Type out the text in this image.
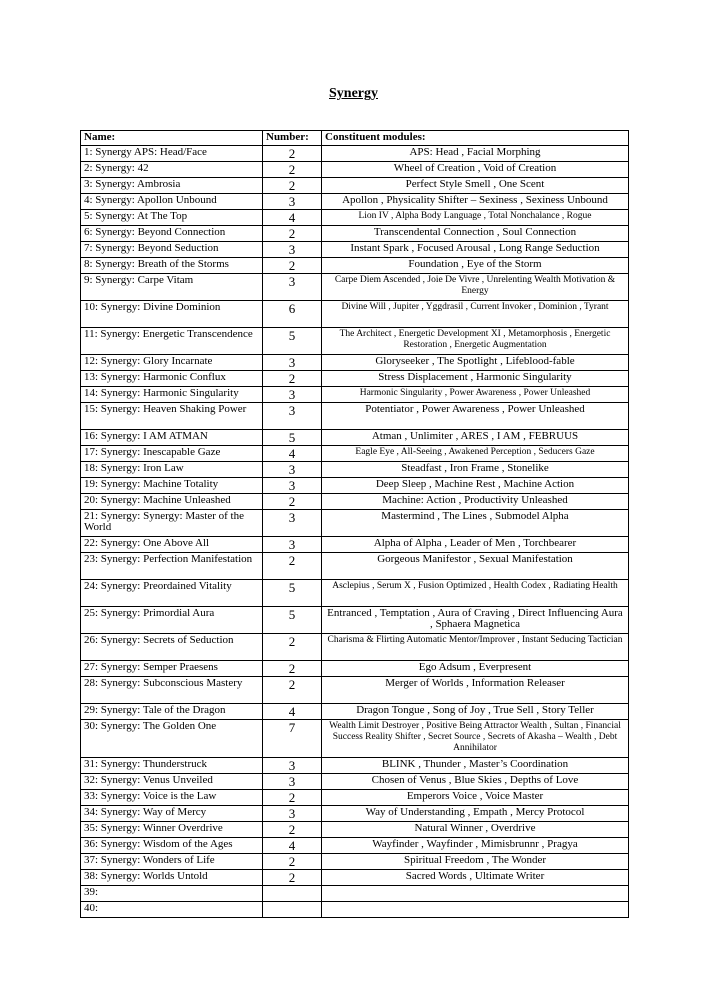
Synergy
Name:	Number:	Constituent modules:
1: Synergy APS: Head/Face	2	APS: Head , Facial Morphing
2: Synergy: 42	2	Wheel of Creation , Void of Creation
3: Synergy: Ambrosia	2	Perfect Style Smell , One Scent
4: Synergy: Apollon Unbound	3	Apollon , Physicality Shifter – Sexiness , Sexiness Unbound
5: Synergy: At The Top	4	Lion IV , Alpha Body Language , Total Nonchalance , Rogue
6: Synergy: Beyond Connection	2	Transcendental Connection , Soul Connection
7: Synergy: Beyond Seduction	3	Instant Spark , Focused Arousal , Long Range Seduction
8: Synergy: Breath of the Storms	2	Foundation , Eye of the Storm
9: Synergy: Carpe Vitam	3	Carpe Diem Ascended , Joie De Vivre , Unrelenting Wealth Motivation & Energy
10: Synergy: Divine Dominion	6	Divine Will , Jupiter , Yggdrasil , Current Invoker , Dominion , Tyrant
11: Synergy: Energetic Transcendence	5	The Architect , Energetic Development XI , Metamorphosis , Energetic Restoration , Energetic Augmentation
12: Synergy: Glory Incarnate	3	Gloryseeker , The Spotlight , Lifeblood-fable
13: Synergy: Harmonic Conflux	2	Stress Displacement , Harmonic Singularity
14: Synergy: Harmonic Singularity	3	Harmonic Singularity , Power Awareness , Power Unleashed
15: Synergy: Heaven Shaking Power	3	Potentiator , Power Awareness , Power Unleashed
16: Synergy: I AM ATMAN	5	Atman , Unlimiter , ARES , I AM , FEBRUUS
17: Synergy: Inescapable Gaze	4	Eagle Eye , All-Seeing , Awakened Perception , Seducers Gaze
18: Synergy: Iron Law	3	Steadfast , Iron Frame , Stonelike
19: Synergy: Machine Totality	3	Deep Sleep , Machine Rest , Machine Action
20: Synergy: Machine Unleashed	2	Machine: Action , Productivity Unleashed
21: Synergy: Synergy: Master of the World	3	Mastermind , The Lines , Submodel Alpha
22: Synergy: One Above All	3	Alpha of Alpha , Leader of Men , Torchbearer
23: Synergy: Perfection Manifestation	2	Gorgeous Manifestor , Sexual Manifestation
24: Synergy: Preordained Vitality	5	Asclepius , Serum X , Fusion Optimized , Health Codex , Radiating Health
25: Synergy: Primordial Aura	5	Entranced , Temptation , Aura of Craving , Direct Influencing Aura , Sphaera Magnetica
26: Synergy: Secrets of Seduction	2	Charisma & Flirting Automatic Mentor/Improver , Instant Seducing Tactician
27: Synergy: Semper Praesens	2	Ego Adsum , Everpresent
28: Synergy: Subconscious Mastery	2	Merger of Worlds , Information Releaser
29: Synergy: Tale of the Dragon	4	Dragon Tongue , Song of Joy , True Sell , Story Teller
30: Synergy: The Golden One	7	Wealth Limit Destroyer , Positive Being Attractor Wealth , Sultan , Financial Success Reality Shifter , Secret Source , Secrets of Akasha – Wealth , Debt Annihilator
31: Synergy: Thunderstruck	3	BLINK , Thunder , Master’s Coordination
32: Synergy: Venus Unveiled	3	Chosen of Venus , Blue Skies , Depths of Love
33: Synergy: Voice is the Law	2	Emperors Voice , Voice Master
34: Synergy: Way of Mercy	3	Way of Understanding , Empath , Mercy Protocol
35: Synergy: Winner Overdrive	2	Natural Winner , Overdrive
36: Synergy: Wisdom of the Ages	4	Wayfinder , Wayfinder , Mimisbrunnr , Pragya
37: Synergy: Wonders of Life	2	Spiritual Freedom , The Wonder
38: Synergy: Worlds Untold	2	Sacred Words , Ultimate Writer
39:		
40:		
